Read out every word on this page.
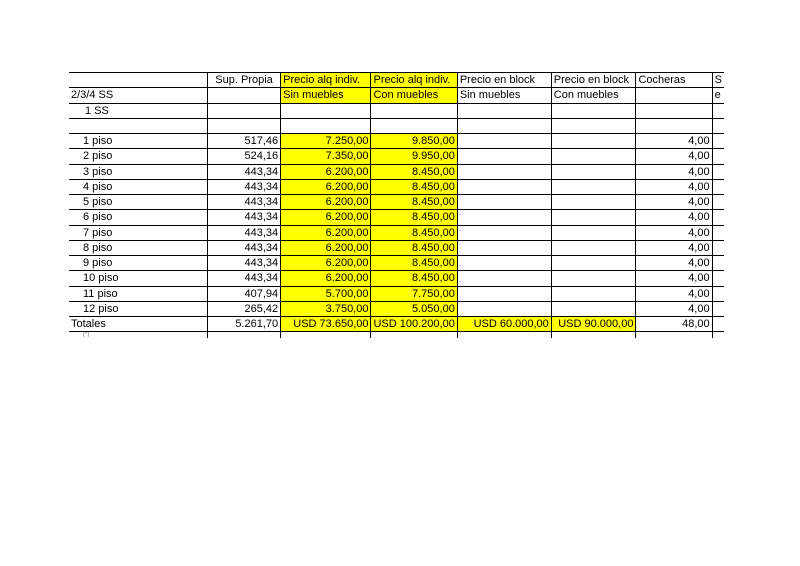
	Sup. Propia	Precio alq indiv.	Precio alq indiv.	Precio en block	Precio en block	Cocheras	S
2/3/4 SS		Sin muebles	Con muebles	Sin muebles	Con muebles		e
1 SS							

1 piso	517,46	7.250,00	9.850,00			4,00	
2 piso	524,16	7.350,00	9.950,00			4,00	
3 piso	443,34	6.200,00	8.450,00			4,00	
4 piso	443,34	6.200,00	8.450,00			4,00	
5 piso	443,34	6.200,00	8.450,00			4,00	
6 piso	443,34	6.200,00	8.450,00			4,00	
7 piso	443,34	6.200,00	8.450,00			4,00	
8 piso	443,34	6.200,00	8.450,00			4,00	
9 piso	443,34	6.200,00	8.450,00			4,00	
10 piso	443,34	6.200,00	8.450,00			4,00	
11 piso	407,94	5.700,00	7.750,00			4,00	
12 piso	265,42	3.750,00	5.050,00			4,00	
Totales	5.261,70	USD 73.650,00	USD 100.200,00	USD 60.000,00	USD 90.000,00	48,00	
(*)							
